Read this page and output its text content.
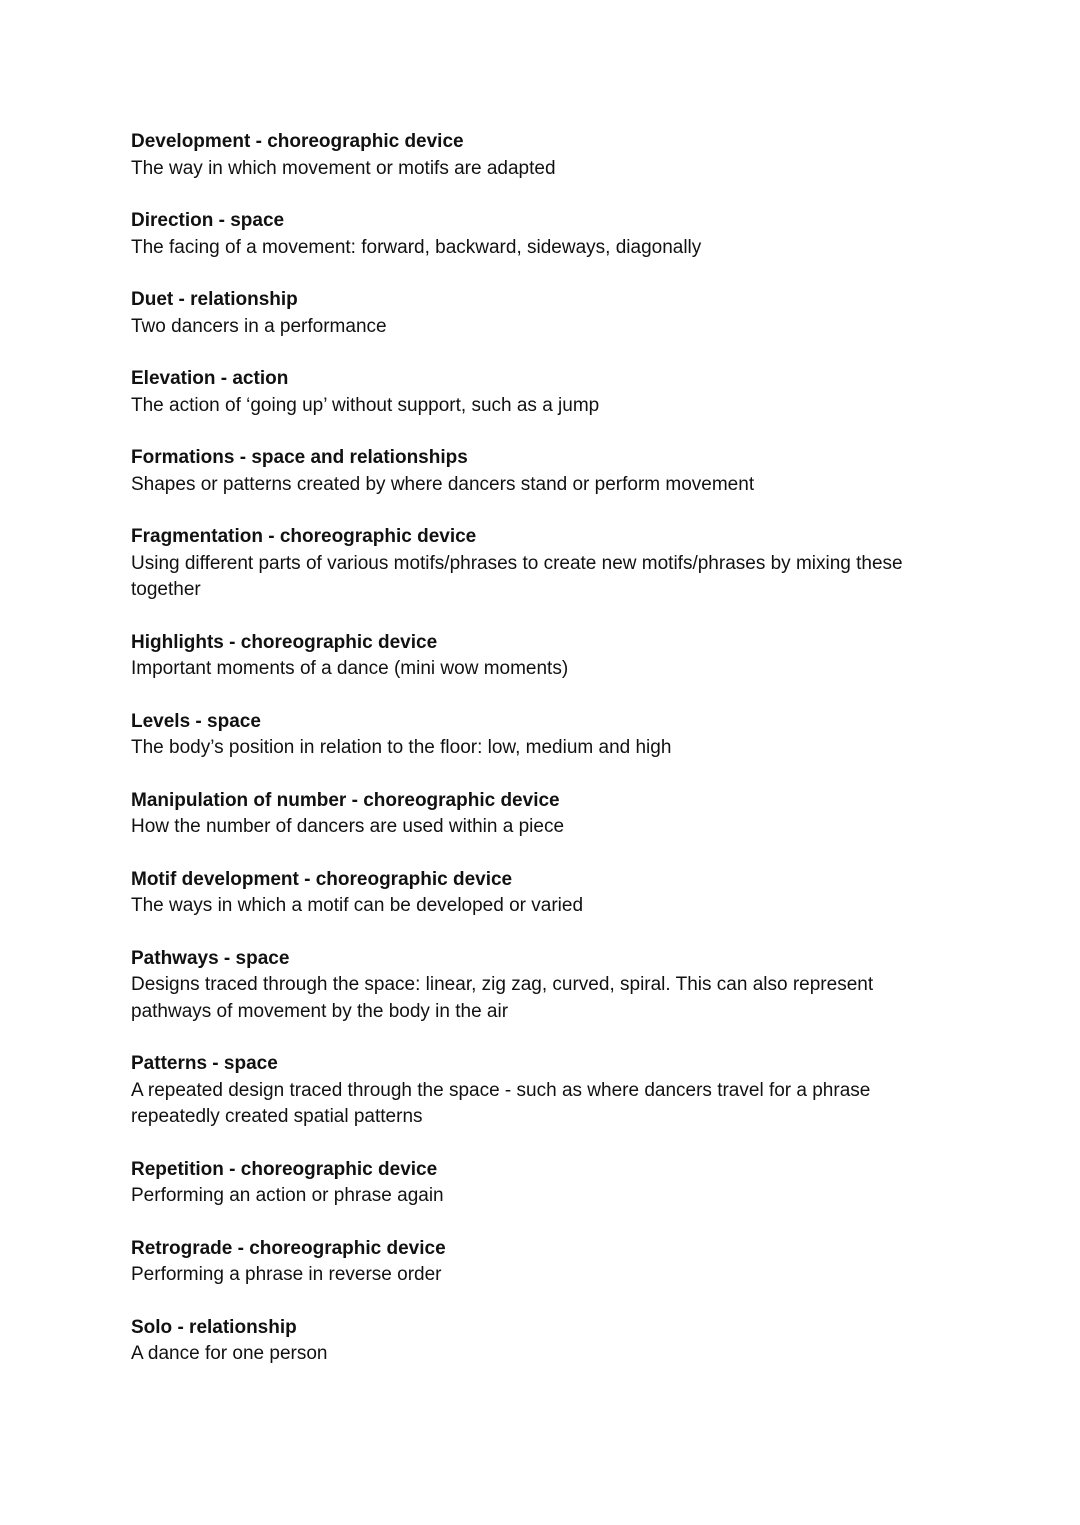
Development - choreographic device

The way in which movement or motifs are adapted

Direction - space

The facing of a movement: forward, backward, sideways, diagonally

Duet - relationship

Two dancers in a performance

Elevation - action

The action of ‘going up’ without support, such as a jump

Formations - space and relationships

Shapes or patterns created by where dancers stand or perform movement

Fragmentation - choreographic device

Using different parts of various motifs/phrases to create new motifs/phrases by mixing these together

Highlights - choreographic device

Important moments of a dance (mini wow moments)

Levels - space

The body’s position in relation to the floor: low, medium and high

Manipulation of number - choreographic device

How the number of dancers are used within a piece

Motif development - choreographic device

The ways in which a motif can be developed or varied

Pathways - space

Designs traced through the space: linear, zig zag, curved, spiral. This can also represent pathways of movement by the body in the air

Patterns - space

A repeated design traced through the space - such as where dancers travel for a phrase repeatedly created spatial patterns

Repetition - choreographic device

Performing an action or phrase again

Retrograde - choreographic device

Performing a phrase in reverse order

Solo - relationship

A dance for one person
